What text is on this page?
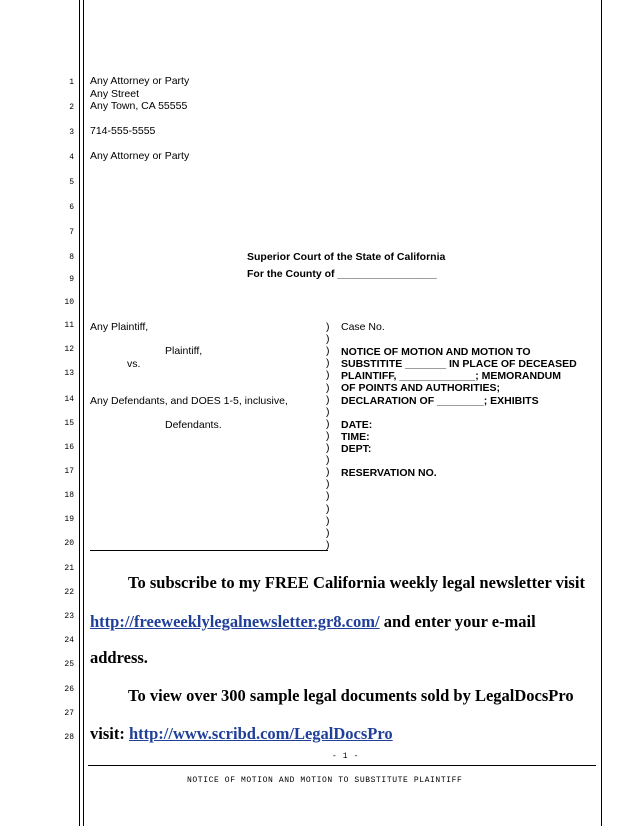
1
2
3
4
5
6
7
8
9
10
11
12
13
14
15
16
17
18
19
20
21
22
23
24
25
26
27
28
Any Attorney or Party
Any Street
Any Town, CA 55555
714-555-5555
Any Attorney or Party
Superior Court of the State of California
For the County of _________________
Any Plaintiff,
Plaintiff,
vs.
Any Defendants, and DOES 1-5, inclusive,
Defendants.
)
)
)
)
)
)
)
)
)
)
)
)
)
)
)
)
)
)
)
Case No.
NOTICE OF MOTION AND MOTION TO
SUBSTITITE _______ IN PLACE OF DECEASED
PLAINTIFF, _____________; MEMORANDUM
OF POINTS AND AUTHORITIES;
DECLARATION OF ________; EXHIBITS
DATE:
TIME:
DEPT:
RESERVATION NO.
To subscribe to my FREE California weekly legal newsletter visit
http://freeweeklylegalnewsletter.gr8.com/ and enter your e-mail
address.
To view over 300 sample legal documents sold by LegalDocsPro
visit: http://www.scribd.com/LegalDocsPro
- 1 -
NOTICE OF MOTION AND MOTION TO SUBSTITUTE PLAINTIFF
